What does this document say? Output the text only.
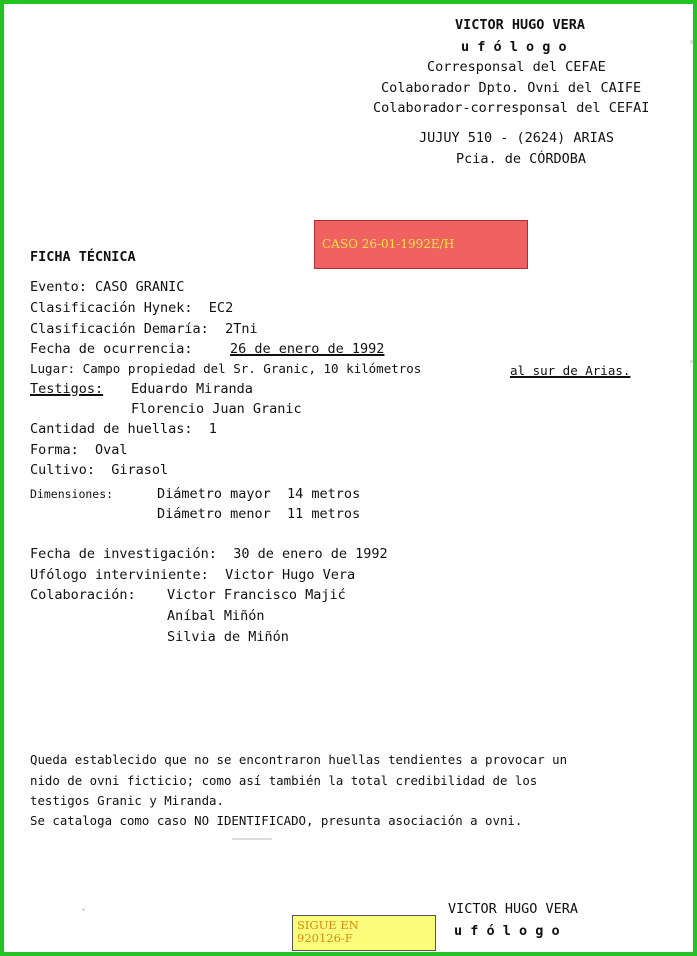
VICTOR HUGO VERA
u f ó l o g o
Corresponsal del CEFAE
Colaborador Dpto. Ovni del CAIFE
Colaborador-corresponsal del CEFAI
JUJUY 510 - (2624) ARIAS
Pcia. de CÓRDOBA
CASO 26-01-1992E/H
FICHA TÉCNICA
Evento: CASO GRANIC
Clasificación Hynek:  EC2
Clasificación Demaría:  2Tni
Fecha de ocurrencia:	26 de enero de 1992
Lugar: Campo propiedad del Sr. Granic, 10 kilómetros	al sur de Arias.
Testigos: Eduardo Miranda
Florencio Juan Granic
Cantidad de huellas:  1
Forma:  Oval
Cultivo:  Girasol
Dimensiones:	Diámetro mayor  14 metros
Diámetro menor  11 metros
Fecha de investigación:  30 de enero de 1992
Ufólogo interviniente:  Victor Hugo Vera
Colaboración: Victor Francisco Majić
Aníbal Miñón
Silvia de Miñón
Queda establecido que no se encontraron huellas tendientes a provocar un
nido de ovni ficticio; como así también la total credibilidad de los
testigos Granic y Miranda.
Se cataloga como caso NO IDENTIFICADO, presunta asociación a ovni.
VICTOR HUGO VERA
u f ó l o g o
SIGUE EN
920126-F
